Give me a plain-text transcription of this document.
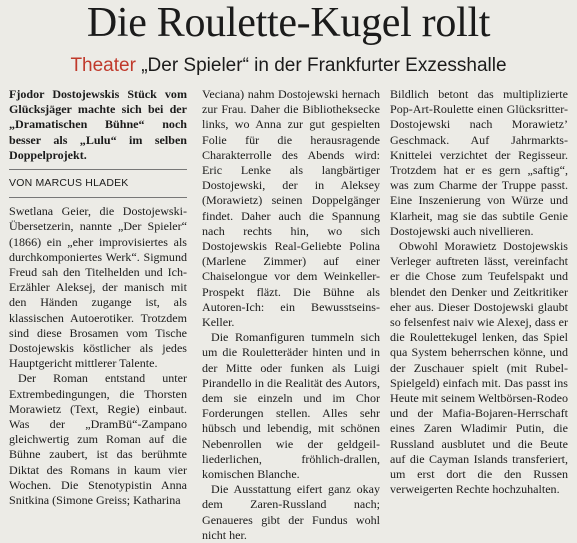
Die Roulette-Kugel rollt
Theater „Der Spieler“ in der Frankfurter Exzesshalle

Fjodor Dostojewskis Stück vom Glücksjäger machte sich bei der „Dramatischen Bühne“ noch besser als „Lulu“ im selben Doppelprojekt.

VON MARCUS HLADEK

Swetlana Geier, die Dostojewski-Übersetzerin, nannte „Der Spieler“ (1866) ein „eher improvisiertes als durchkomponiertes Werk“. Sigmund Freud sah den Titelhelden und Ich-Erzähler Aleksej, der manisch mit den Händen zugange ist, als klassischen Autoerotiker. Trotzdem sind diese Brosamen vom Tische Dostojewskis köstlicher als jedes Hauptgericht mittlerer Talente.

Der Roman entstand unter Extrembedingungen, die Thorsten Morawietz (Text, Regie) einbaut. Was der „DramBü“-Zampano gleichwertig zum Roman auf die Bühne zaubert, ist das berühmte Diktat des Romans in kaum vier Wochen. Die Stenotypistin Anna Snitkina (Simone Greiss; Katharina

Veciana) nahm Dostojewski hernach zur Frau. Daher die Bibliotheksecke links, wo Anna zur gut gespielten Folie für die herausragende Charakterrolle des Abends wird: Eric Lenke als langbärtiger Dostojewski, der in Aleksey (Morawietz) seinen Doppelgänger findet. Daher auch die Spannung nach rechts hin, wo sich Dostojewskis Real-Geliebte Polina (Marlene Zimmer) auf einer Chaiselongue vor dem Weinkeller-Prospekt fläzt. Die Bühne als Autoren-Ich: ein Bewusstseins-Keller.

Die Romanfiguren tummeln sich um die Rouletteräder hinten und in der Mitte oder funken als Luigi Pirandello in die Realität des Autors, dem sie einzeln und im Chor Forderungen stellen. Alles sehr hübsch und lebendig, mit schönen Nebenrollen wie der geldgeil-liederlichen, fröhlich-drallen, komischen Blanche.

Die Ausstattung eifert ganz okay dem Zaren-Russland nach; Genaueres gibt der Fundus wohl nicht her.

Bildlich betont das multiplizierte Pop-Art-Roulette einen Glücksritter-Dostojewski nach Morawietz’ Geschmack. Auf Jahrmarkts-Knittelei verzichtet der Regisseur. Trotzdem hat er es gern „saftig“, was zum Charme der Truppe passt. Eine Inszenierung von Würze und Klarheit, mag sie das subtile Genie Dostojewski auch nivellieren.

Obwohl Morawietz Dostojewskis Verleger auftreten lässt, vereinfacht er die Chose zum Teufelspakt und blendet den Denker und Zeitkritiker eher aus. Dieser Dostojewski glaubt so felsenfest naiv wie Alexej, dass er die Roulettekugel lenken, das Spiel qua System beherrschen könne, und der Zuschauer spielt (mit Rubel-Spielgeld) einfach mit. Das passt ins Heute mit seinem Weltbörsen-Rodeo und der Mafia-Bojaren-Herrschaft eines Zaren Wladimir Putin, die Russland ausblutet und die Beute auf die Cayman Islands transferiert, um erst dort die den Russen verweigerten Rechte hochzuhalten.
